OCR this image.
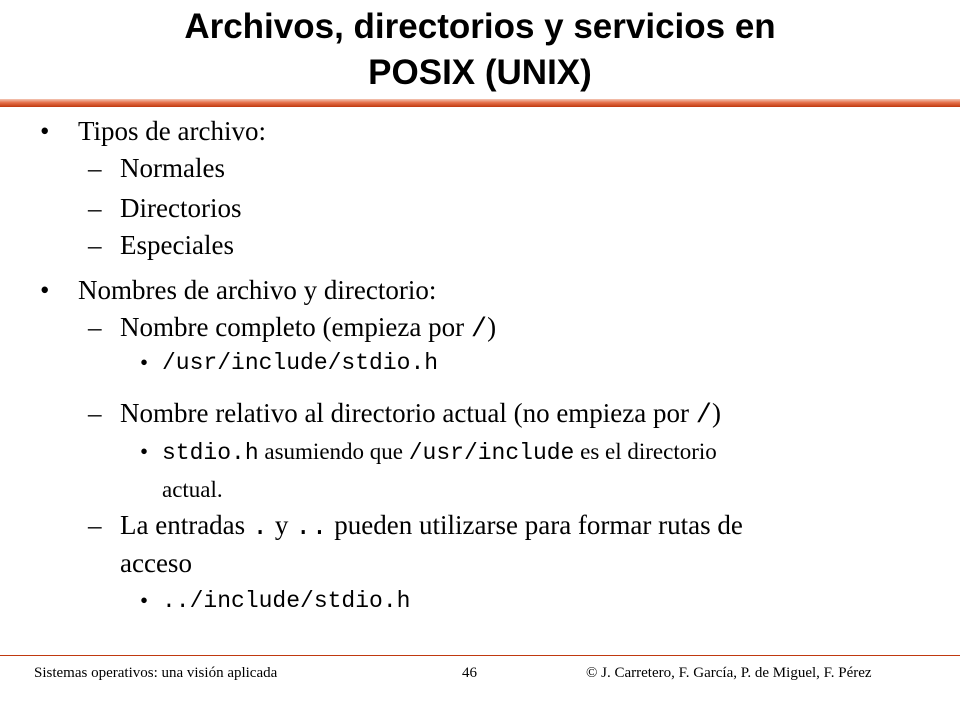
Archivos, directorios y servicios en
POSIX (UNIX)
• Tipos de archivo:
– Normales
– Directorios
– Especiales
• Nombres de archivo y directorio:
– Nombre completo (empieza por /)
• /usr/include/stdio.h
– Nombre relativo al directorio actual (no empieza por /)
• stdio.h asumiendo que /usr/include es el directorio
actual.
– La entradas . y .. pueden utilizarse para formar rutas de
acceso
• ../include/stdio.h
Sistemas operativos: una visión aplicada	46	© J. Carretero, F. García, P. de Miguel, F. Pérez
